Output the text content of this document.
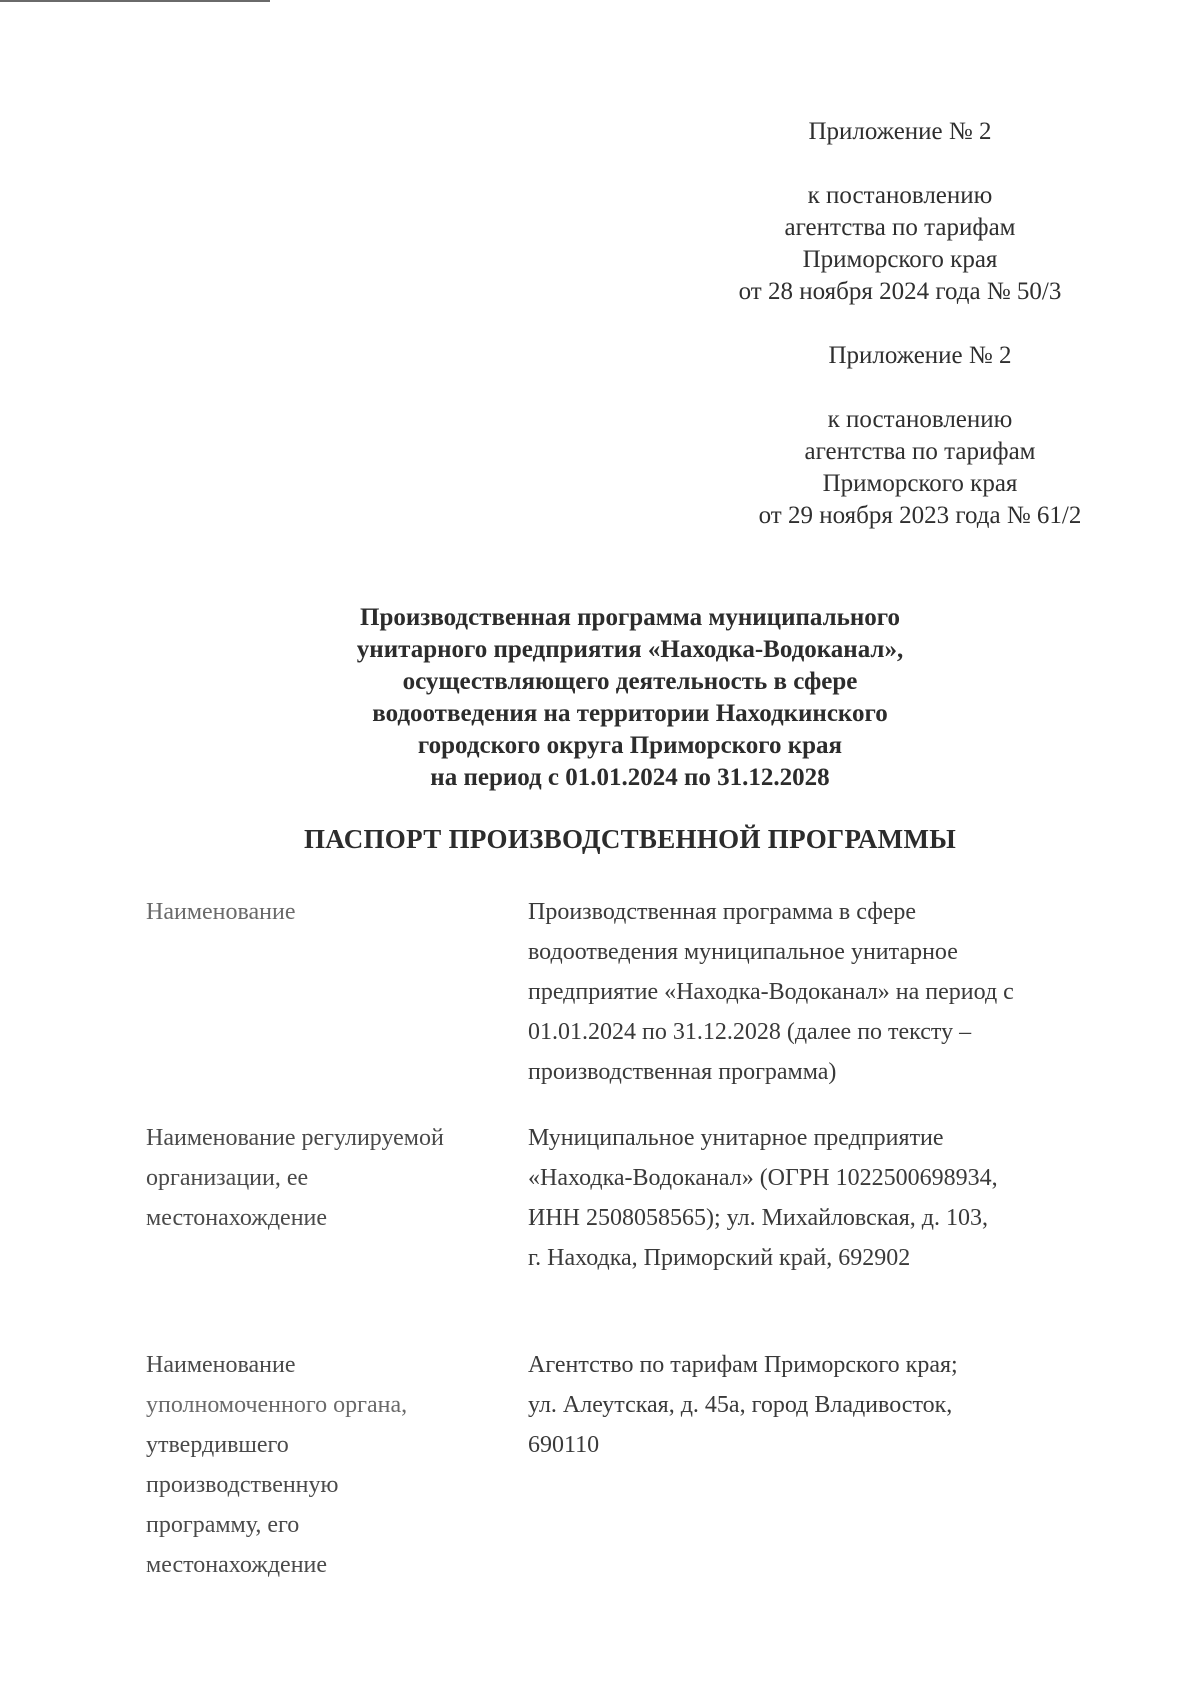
Приложение № 2
к постановлению
агентства по тарифам
Приморского края
от 28 ноября 2024 года № 50/3
Приложение № 2
к постановлению
агентства по тарифам
Приморского края
от 29 ноября 2023 года № 61/2
Производственная программа муниципального
унитарного предприятия «Находка-Водоканал»,
осуществляющего деятельность в сфере
водоотведения на территории Находкинского
городского округа Приморского края
на период с 01.01.2024 по 31.12.2028
ПАСПОРТ ПРОИЗВОДСТВЕННОЙ ПРОГРАММЫ
Наименование	Производственная программа в сфере
водоотведения муниципальное унитарное
предприятие «Находка-Водоканал» на период с
01.01.2024 по 31.12.2028 (далее по тексту –
производственная программа)
Наименование регулируемой
организации, ее
местонахождение
Муниципальное унитарное предприятие
«Находка-Водоканал» (ОГРН 1022500698934,
ИНН 2508058565); ул. Михайловская, д. 103,
г. Находка, Приморский край, 692902
Наименование
уполномоченного органа,
утвердившего
производственную
программу, его
местонахождение
Агентство по тарифам Приморского края;
ул. Алеутская, д. 45а, город Владивосток,
690110
